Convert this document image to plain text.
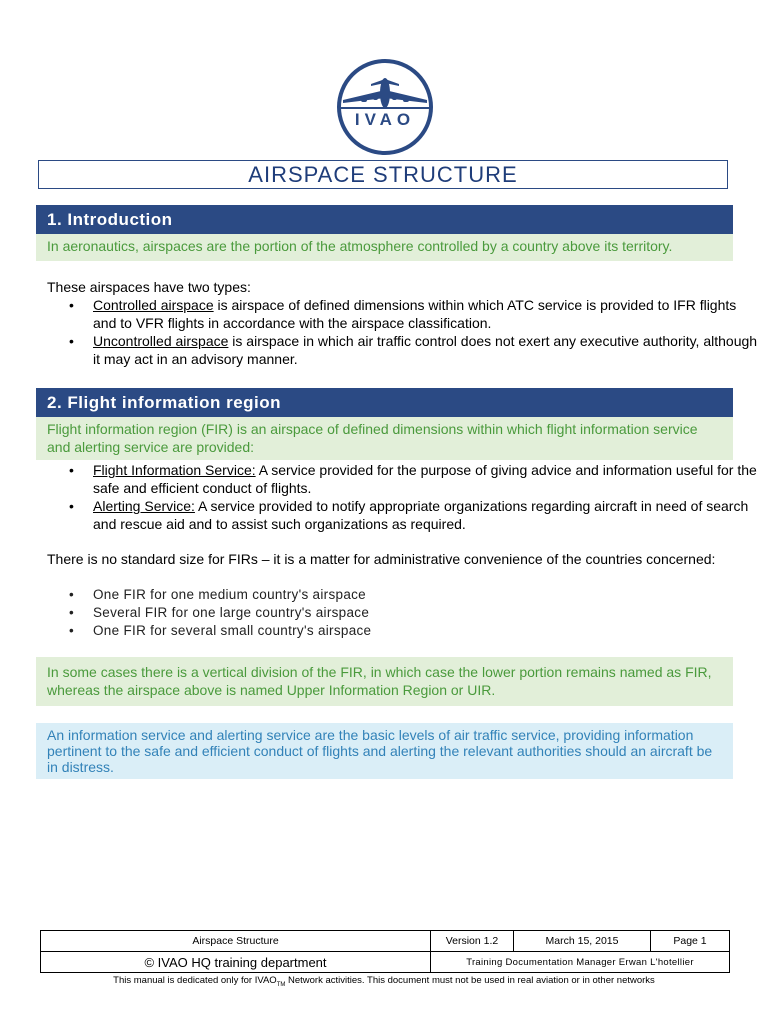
IVAO
AIRSPACE STRUCTURE
1. Introduction
In aeronautics, airspaces are the portion of the atmosphere controlled by a country above its territory.
These airspaces have two types:
• Controlled airspace is airspace of defined dimensions within which ATC service is provided to IFR flights and to VFR flights in accordance with the airspace classification.
• Uncontrolled airspace is airspace in which air traffic control does not exert any executive authority, although it may act in an advisory manner.
2. Flight information region
Flight information region (FIR) is an airspace of defined dimensions within which flight information service and alerting service are provided:
• Flight Information Service: A service provided for the purpose of giving advice and information useful for the safe and efficient conduct of flights.
• Alerting Service: A service provided to notify appropriate organizations regarding aircraft in need of search and rescue aid and to assist such organizations as required.
There is no standard size for FIRs – it is a matter for administrative convenience of the countries concerned:
• One FIR for one medium country's airspace
• Several FIR for one large country's airspace
• One FIR for several small country's airspace
In some cases there is a vertical division of the FIR, in which case the lower portion remains named as FIR, whereas the airspace above is named Upper Information Region or UIR.
An information service and alerting service are the basic levels of air traffic service, providing information pertinent to the safe and efficient conduct of flights and alerting the relevant authorities should an aircraft be in distress.
Airspace Structure	Version 1.2	March 15, 2015	Page 1
© IVAO HQ training department	Training Documentation Manager Erwan L'hotellier		
This manual is dedicated only for $IVAO_{TM}$ Network activities. This document must not be used in real aviation or in other networks
